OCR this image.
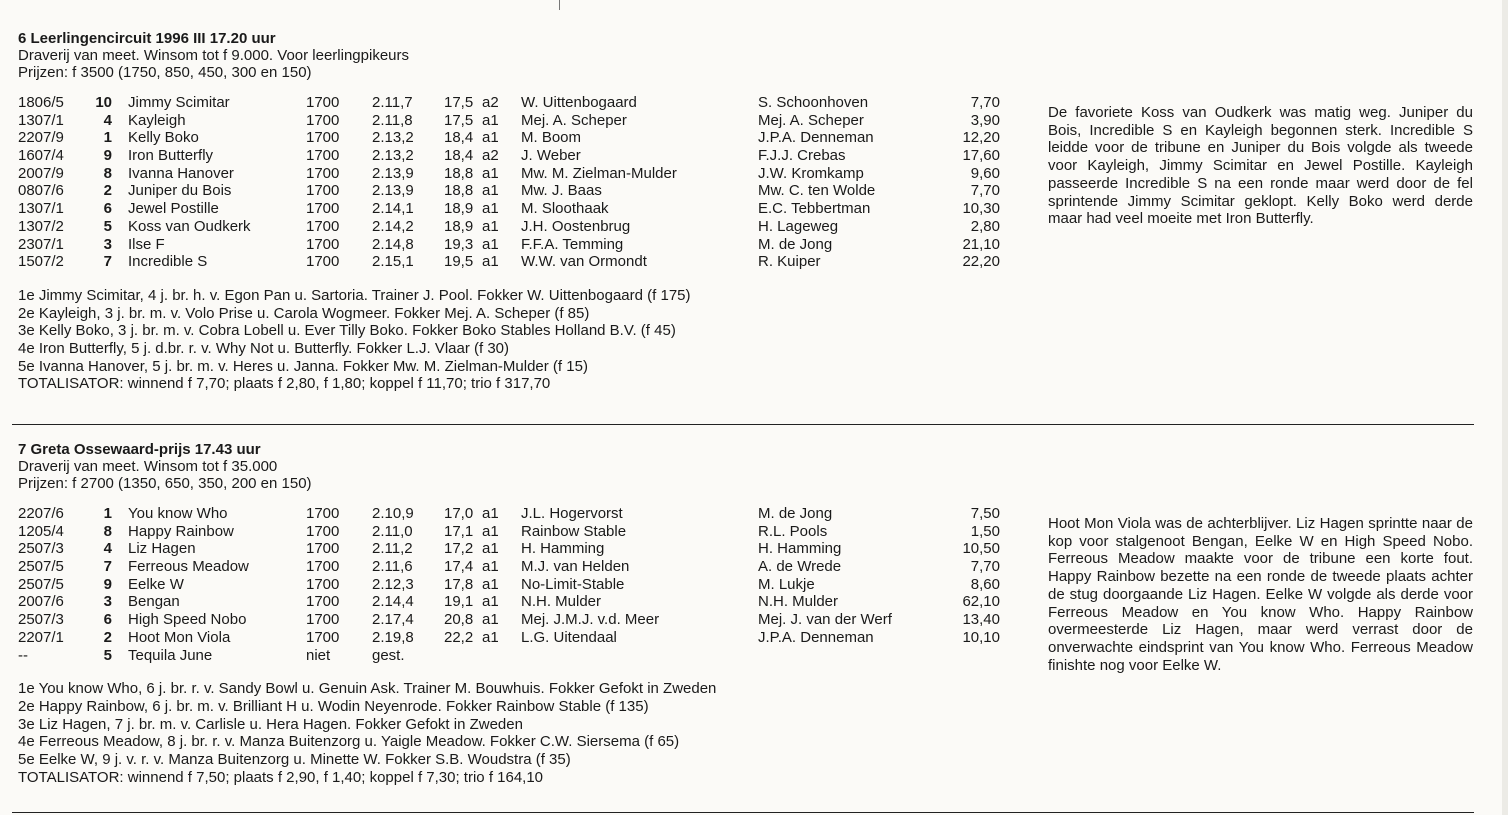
6 Leerlingencircuit 1996 III 17.20 uur
Draverij van meet. Winsom tot f 9.000. Voor leerlingpikeurs
Prijzen: f 3500 (1750, 850, 450, 300 en 150)
1806/5	10 Jimmy Scimitar	1700 2.11,7 17,5 a2 W. Uittenbogaard	S. Schoonhoven	7,70
1307/1	4 Kayleigh	1700 2.11,8 17,5 a1 Mej. A. Scheper	Mej. A. Scheper	3,90
2207/9	1 Kelly Boko	1700 2.13,2 18,4 a1 M. Boom	J.P.A. Denneman	12,20
1607/4	9 Iron Butterfly	1700 2.13,2 18,4 a2 J. Weber	F.J.J. Crebas	17,60
2007/9	8 Ivanna Hanover	1700 2.13,9 18,8 a1 Mw. M. Zielman-Mulder	J.W. Kromkamp	9,60
0807/6	2 Juniper du Bois	1700 2.13,9 18,8 a1 Mw. J. Baas	Mw. C. ten Wolde	7,70
1307/1	6 Jewel Postille	1700 2.14,1 18,9 a1 M. Sloothaak	E.C. Tebbertman	10,30
1307/2	5 Koss van Oudkerk	1700 2.14,2 18,9 a1 J.H. Oostenbrug	H. Lageweg	2,80
2307/1	3 Ilse F	1700 2.14,8 19,3 a1 F.F.A. Temming	M. de Jong	21,10
1507/2	7 Incredible S	1700 2.15,1 19,5 a1 W.W. van Ormondt	R. Kuiper	22,20
De favoriete Koss van Oudkerk was matig weg. Juniper du Bois, Incredible S en Kayleigh begonnen sterk. Incredible S leidde voor de tribune en Juniper du Bois volgde als tweede voor Kayleigh, Jimmy Scimitar en Jewel Postille. Kayleigh passeerde Incredible S na een ronde maar werd door de fel sprintende Jimmy Scimitar geklopt. Kelly Boko werd derde maar had veel moeite met Iron Butterfly.
1e Jimmy Scimitar, 4 j. br. h. v. Egon Pan u. Sartoria. Trainer J. Pool. Fokker W. Uittenbogaard (f 175)
2e Kayleigh, 3 j. br. m. v. Volo Prise u. Carola Wogmeer. Fokker Mej. A. Scheper (f 85)
3e Kelly Boko, 3 j. br. m. v. Cobra Lobell u. Ever Tilly Boko. Fokker Boko Stables Holland B.V. (f 45)
4e Iron Butterfly, 5 j. d.br. r. v. Why Not u. Butterfly. Fokker L.J. Vlaar (f 30)
5e Ivanna Hanover, 5 j. br. m. v. Heres u. Janna. Fokker Mw. M. Zielman-Mulder (f 15)
TOTALISATOR: winnend f 7,70; plaats f 2,80, f 1,80; koppel f 11,70; trio f 317,70
7 Greta Ossewaard-prijs 17.43 uur
Draverij van meet. Winsom tot f 35.000
Prijzen: f 2700 (1350, 650, 350, 200 en 150)
2207/6	1 You know Who	1700 2.10,9 17,0 a1 J.L. Hogervorst	M. de Jong	7,50
1205/4	8 Happy Rainbow	1700 2.11,0 17,1 a1 Rainbow Stable	R.L. Pools	1,50
2507/3	4 Liz Hagen	1700 2.11,2 17,2 a1 H. Hamming	H. Hamming	10,50
2507/5	7 Ferreous Meadow	1700 2.11,6 17,4 a1 M.J. van Helden	A. de Wrede	7,70
2507/5	9 Eelke W	1700 2.12,3 17,8 a1 No-Limit-Stable	M. Lukje	8,60
2007/6	3 Bengan	1700 2.14,4 19,1 a1 N.H. Mulder	N.H. Mulder	62,10
2507/3	6 High Speed Nobo	1700 2.17,4 20,8 a1 Mej. J.M.J. v.d. Meer	Mej. J. van der Werf	13,40
2207/1	2 Hoot Mon Viola	1700 2.19,8 22,2 a1 L.G. Uitendaal	J.P.A. Denneman	10,10
--	5 Tequila June	niet	gest.
Hoot Mon Viola was de achterblijver. Liz Hagen sprintte naar de kop voor stalgenoot Bengan, Eelke W en High Speed Nobo. Ferreous Meadow maakte voor de tribune een korte fout. Happy Rainbow bezette na een ronde de tweede plaats achter de stug doorgaande Liz Hagen. Eelke W volgde als derde voor Ferreous Meadow en You know Who. Happy Rainbow overmeesterde Liz Hagen, maar werd verrast door de onverwachte eindsprint van You know Who. Ferreous Meadow finishte nog voor Eelke W.
1e You know Who, 6 j. br. r. v. Sandy Bowl u. Genuin Ask. Trainer M. Bouwhuis. Fokker Gefokt in Zweden
2e Happy Rainbow, 6 j. br. m. v. Brilliant H u. Wodin Neyenrode. Fokker Rainbow Stable (f 135)
3e Liz Hagen, 7 j. br. m. v. Carlisle u. Hera Hagen. Fokker Gefokt in Zweden
4e Ferreous Meadow, 8 j. br. r. v. Manza Buitenzorg u. Yaigle Meadow. Fokker C.W. Siersema (f 65)
5e Eelke W, 9 j. v. r. v. Manza Buitenzorg u. Minette W. Fokker S.B. Woudstra (f 35)
TOTALISATOR: winnend f 7,50; plaats f 2,90, f 1,40; koppel f 7,30; trio f 164,10
